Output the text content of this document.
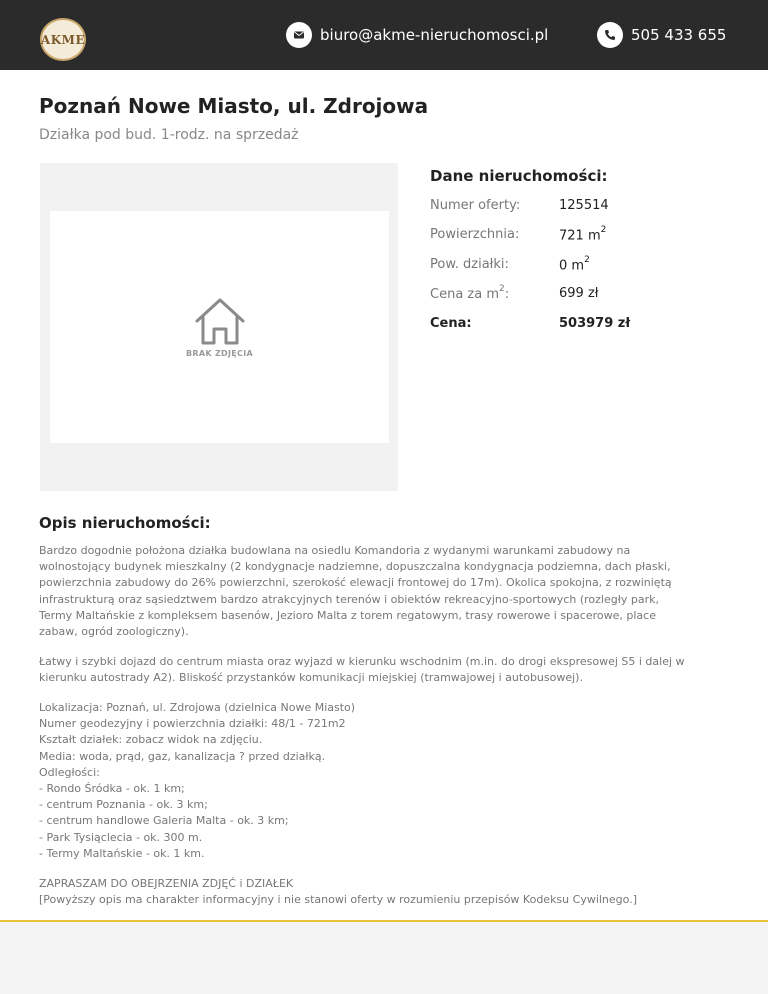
AKME	biuro@akme-nieruchomosci.pl	505 433 655
Poznań Nowe Miasto, ul. Zdrojowa
Działka pod bud. 1-rodz. na sprzedaż
BRAK ZDJĘCIA
Dane nieruchomości:
Numer oferty:	125514
Powierzchnia:	721 $m^2$
Pow. działki:	0 $m^2$
Cena za $m^2$:	699 zł
Cena:	503979 zł
Opis nieruchomości:
Bardzo dogodnie położona działka budowlana na osiedlu Komandoria z wydanymi warunkami zabudowy na
wolnostojący budynek mieszkalny (2 kondygnacje nadziemne, dopuszczalna kondygnacja podziemna, dach płaski,
powierzchnia zabudowy do 26% powierzchni, szerokość elewacji frontowej do 17m). Okolica spokojna, z rozwiniętą
infrastrukturą oraz sąsiedztwem bardzo atrakcyjnych terenów i obiektów rekreacyjno-sportowych (rozległy park,
Termy Maltańskie z kompleksem basenów, Jezioro Malta z torem regatowym, trasy rowerowe i spacerowe, place
zabaw, ogród zoologiczny).
Łatwy i szybki dojazd do centrum miasta oraz wyjazd w kierunku wschodnim (m.in. do drogi ekspresowej S5 i dalej w
kierunku autostrady A2). Bliskość przystanków komunikacji miejskiej (tramwajowej i autobusowej).
Lokalizacja: Poznań, ul. Zdrojowa (dzielnica Nowe Miasto)
Numer geodezyjny i powierzchnia działki: 48/1 - 721m2
Kształt działek: zobacz widok na zdjęciu.
Media: woda, prąd, gaz, kanalizacja ? przed działką.
Odległości:
- Rondo Śródka - ok. 1 km;
- centrum Poznania - ok. 3 km;
- centrum handlowe Galeria Malta - ok. 3 km;
- Park Tysiąclecia - ok. 300 m.
- Termy Maltańskie - ok. 1 km.
ZAPRASZAM DO OBEJRZENIA ZDJĘĆ i DZIAŁEK
[Powyższy opis ma charakter informacyjny i nie stanowi oferty w rozumieniu przepisów Kodeksu Cywilnego.]
